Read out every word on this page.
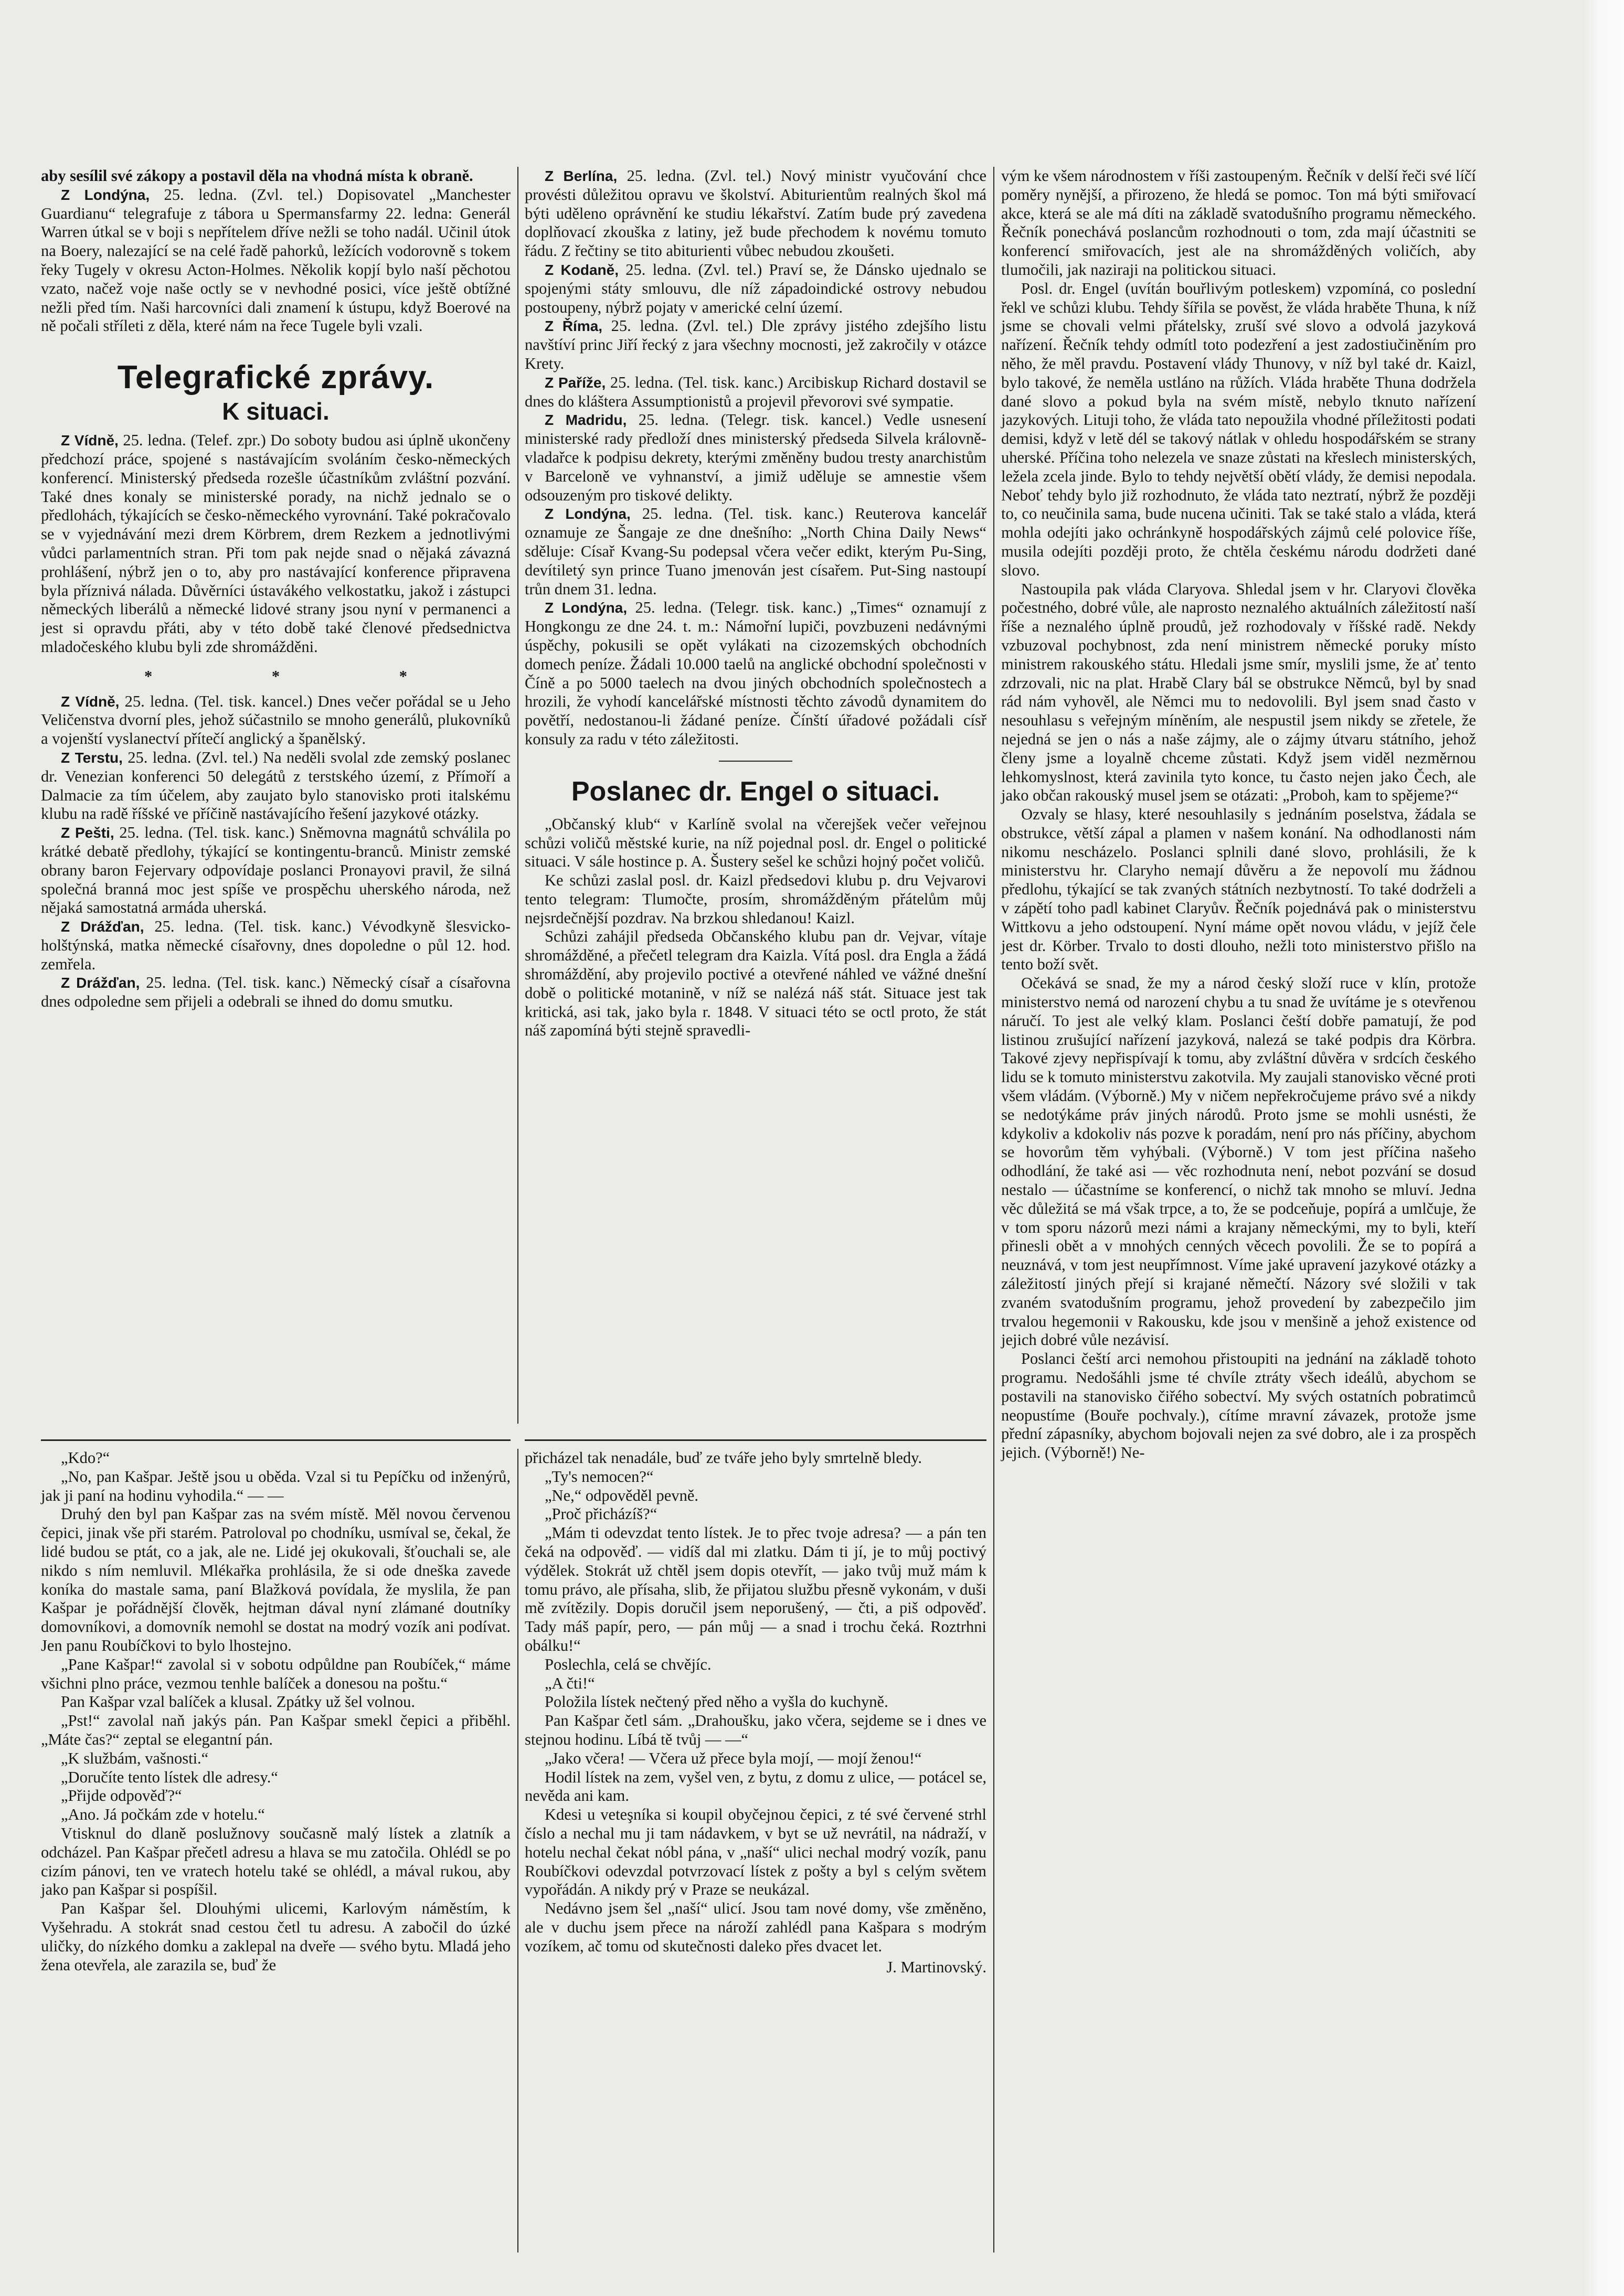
aby sesílil své zákopy a postavil děla na vhodná místa k obraně.

Z Londýna, 25. ledna. (Zvl. tel.) Dopisovatel „Manchester Guardianu“ telegrafuje z tábora u Spermansfarmy 22. ledna: Generál Warren útkal se v boji s nepřítelem dříve nežli se toho nadál. Učinil útok na Boery, nalezající se na celé řadě pahorků, ležících vodorovně s tokem řeky Tugely v okresu Acton-Holmes. Několik kopjí bylo naší pěchotou vzato, načež voje naše octly se v nevhodné posici, více ještě obtížné nežli před tím. Naši harcovníci dali znamení k ústupu, když Boerové na ně počali stříleti z děla, které nám na řece Tugele byli vzali.

Telegrafické zprávy.
K situaci.

Z Vídně, 25. ledna. (Telef. zpr.) Do soboty budou asi úplně ukončeny předchozí práce, spojené s nastávajícím svoláním česko-německých konferencí. Ministerský předseda rozešle účastníkům zvláštní pozvání. Také dnes konaly se ministerské porady, na nichž jednalo se o předlohách, týkajících se česko-německého vyrovnání. Také pokračovalo se v vyjednávání mezi drem Körbrem, drem Rezkem a jednotlivými vůdci parlamentních stran. Při tom pak nejde snad o nějaká závazná prohlášení, nýbrž jen o to, aby pro nastávající konference připravena byla příznivá nálada. Důvěrníci ústavákého velkostatku, jakož i zástupci německých liberálů a německé lidové strany jsou nyní v permanenci a jest si opravdu přáti, aby v této době také členové předsednictva mladočeského klubu byli zde shromážděni.

* * *

Z Vídně, 25. ledna. (Tel. tisk. kancel.) Dnes večer pořádal se u Jeho Veličenstva dvorní ples, jehož súčastnilo se mnoho generálů, plukovníků a vojenští vyslanectví přítečí anglický a španělský.

Z Terstu, 25. ledna. (Zvl. tel.) Na neděli svolal zde zemský poslanec dr. Venezian konferenci 50 delegátů z terstského území, z Přímoří a Dalmacie za tím účelem, aby zaujato bylo stanovisko proti italskému klubu na radě říšské ve příčině nastávajícího řešení jazykové otázky.

Z Pešti, 25. ledna. (Tel. tisk. kanc.) Sněmovna magnátů schválila po krátké debatě předlohy, týkající se kontingentu-branců. Ministr zemské obrany baron Fejervary odpovídaje poslanci Pronayovi pravil, že silná společná branná moc jest spíše ve prospěchu uherského národa, než nějaká samostatná armáda uherská.

Z Drážďan, 25. ledna. (Tel. tisk. kanc.) Vévodkyně šlesvicko-holštýnská, matka německé císařovny, dnes dopoledne o půl 12. hod. zemřela.

Z Drážďan, 25. ledna. (Tel. tisk. kanc.) Německý císař a císařovna dnes odpoledne sem přijeli a odebrali se ihned do domu smutku.

Z Berlína, 25. ledna. (Zvl. tel.) Nový ministr vyučování chce provésti důležitou opravu ve školství. Abiturientům realných škol má býti uděleno oprávnění ke studiu lékařství. Zatím bude prý zavedena doplňovací zkouška z latiny, jež bude přechodem k novému tomuto řádu. Z řečtiny se tito abiturienti vůbec nebudou zkoušeti.

Z Kodaně, 25. ledna. (Zvl. tel.) Praví se, že Dánsko ujednalo se spojenými státy smlouvu, dle níž západoindické ostrovy nebudou postoupeny, nýbrž pojaty v americké celní území.

Z Říma, 25. ledna. (Zvl. tel.) Dle zprávy jistého zdejšího listu navštíví princ Jiří řecký z jara všechny mocnosti, jež zakročily v otázce Krety.

Z Paříže, 25. ledna. (Tel. tisk. kanc.) Arcibiskup Richard dostavil se dnes do kláštera Assumptionistů a projevil převorovi své sympatie.

Z Madridu, 25. ledna. (Telegr. tisk. kancel.) Vedle usnesení ministerské rady předloží dnes ministerský předseda Silvela královně-vladařce k podpisu dekrety, kterými změněny budou tresty anarchistům v Barceloně ve vyhnanství, a jimiž uděluje se amnestie všem odsouzeným pro tiskové delikty.

Z Londýna, 25. ledna. (Tel. tisk. kanc.) Reuterova kancelář oznamuje ze Šangaje ze dne dnešního: „North China Daily News“ sděluje: Císař Kvang-Su podepsal včera večer edikt, kterým Pu-Sing, devítiletý syn prince Tuano jmenován jest císařem. Put-Sing nastoupí trůn dnem 31. ledna.

Z Londýna, 25. ledna. (Telegr. tisk. kanc.) „Times“ oznamují z Hongkongu ze dne 24. t. m.: Námořní lupiči, povzbuzeni nedávnými úspěchy, pokusili se opět vylákati na cizozemských obchodních domech peníze. Žádali 10.000 taelů na anglické obchodní společnosti v Číně a po 5000 taelech na dvou jiných obchodních společnostech a hrozili, že vyhodí kancelářské místnosti těchto závodů dynamitem do povětří, nedostanou-li žádané peníze. Čínští úřadové požádali císř konsuly za radu v této záležitosti.

Poslanec dr. Engel o situaci.

„Občanský klub“ v Karlíně svolal na včerejšek večer veřejnou schůzi voličů městské kurie, na níž pojednal posl. dr. Engel o politické situaci. V sále hostince p. A. Šustery sešel ke schůzi hojný počet voličů.

Ke schůzi zaslal posl. dr. Kaizl předsedovi klubu p. dru Vejvarovi tento telegram: Tlumočte, prosím, shromážděným přátelům můj nejsrdečnější pozdrav. Na brzkou shledanou! Kaizl.

Schůzi zahájil předseda Občanského klubu pan dr. Vejvar, vítaje shromážděné, a přečetl telegram dra Kaizla. Vítá posl. dra Engla a žádá shromáždění, aby projevilo poctivé a otevřené náhled ve vážné dnešní době o politické motanině, v níž se nalézá náš stát. Situace jest tak kritická, asi tak, jako byla r. 1848. V situaci této se octl proto, že stát náš zapomíná býti stejně spravedli-

vým ke všem národnostem v říši zastoupeným. Řečník v delší řeči své líčí poměry nynější, a přirozeno, že hledá se pomoc. Ton má býti smiřovací akce, která se ale má díti na základě svatodušního programu německého. Řečník ponechává poslancům rozhodnouti o tom, zda mají účastniti se konferencí smiřovacích, jest ale na shromážděných voličích, aby tlumočili, jak naziraji na politickou situaci.

Posl. dr. Engel (uvítán bouřlivým potleskem) vzpomíná, co poslední řekl ve schůzi klubu. Tehdy šířila se pověst, že vláda hraběte Thuna, k níž jsme se chovali velmi přátelsky, zruší své slovo a odvolá jazyková nařízení. Řečník tehdy odmítl toto podezření a jest zadostiučiněním pro něho, že měl pravdu. Postavení vlády Thunovy, v níž byl také dr. Kaizl, bylo takové, že nemělа ustláno na růžích. Vláda hraběte Thuna dodržela dané slovo a pokud byla na svém místě, nebylo tknuto nařízení jazykových. Lituji toho, že vláda tato nepoužila vhodné příležitosti podati demisi, když v letě dél se takový nátlak v ohledu hospodářském se strany uherské. Příčina toho nelezela ve snaze zůstati na křeslech ministerských, ležela zcela jinde. Bylo to tehdy největší obětí vlády, že demisi nepodala. Neboť tehdy bylo již rozhodnuto, že vláda tato neztratí, nýbrž že později to, co neučinila sama, bude nucena učiniti. Tak se také stalo a vláda, která mohla odejíti jako ochránkyně hospodářských zájmů celé polovice říše, musila odejíti později proto, že chtěla českému národu dodržeti dané slovo.

Nastoupila pak vláda Claryova. Shledal jsem v hr. Claryovi člověka počestného, dobré vůle, ale naprosto neznalého aktuálních záležitostí naší říše a neznalého úplně proudů, jež rozhodovaly v říšské radě. Nekdy vzbuzoval pochybnost, zda není ministrem německé poruky místo ministrem rakouského státu. Hledali jsme smír, myslili jsme, že ať tento zdrzovali, nic na plat. Hrabě Clary bál se obstrukce Němců, byl by snad rád nám vyhověl, ale Němci mu to nedovolili. Byl jsem snad často v nesouhlasu s veřejným míněním, ale nespustil jsem nikdy se zřetele, že nejedná se jen o nás a naše zájmy, ale o zájmy útvaru státního, jehož členy jsme a loyalně chceme zůstati. Když jsem viděl nezměrnou lehkomyslnost, která zavinila tyto konce, tu často nejen jako Čech, ale jako občan rakouský musel jsem se otázati: „Proboh, kam to spějeme?“

Ozvaly se hlasy, které nesouhlasily s jednáním poselstva, žádala se obstrukce, větší zápal a plamen v našem konání. Na odhodlanosti nám nikomu nescházelo. Poslanci splnili dané slovo, prohlásili, že k ministerstvu hr. Claryho nemají důvěru a že nepovolí mu žádnou předlohu, týkající se tak zvaných státních nezbytností. To také dodrželi a v zápětí toho padl kabinet Claryův. Řečník pojednává pak o ministerstvu Wittkovu a jeho odstoupení. Nyní máme opět novou vládu, v jejíž čele jest dr. Körber. Trvalo to dosti dlouho, nežli toto ministerstvo přišlo na tento boží svět.

Očekává se snad, že my a národ český složí ruce v klín, protože ministerstvo nemá od narození chybu a tu snad že uvítáme je s otevřenou náručí. To jest ale velký klam. Poslanci čeští dobře pamatují, že pod listinou zrušující nařízení jazyková, nalezá se také podpis dra Körbra. Takové zjevy nepřispívají k tomu, aby zvláštní důvěra v srdcích českého lidu se k tomuto ministerstvu zakotvila. My zaujali stanovisko věcné proti všem vládám. (Výborně.) My v ničem nepřekročujeme právo své a nikdy se nedotýkáme práv jiných národů. Proto jsme se mohli usnésti, že kdykoliv a kdokoliv nás pozve k poradám, není pro nás příčiny, abychom se hovorům těm vyhýbali. (Výborně.) V tom jest příčina našeho odhodlání, že také asi — věc rozhodnuta není, nebot pozvání se dosud nestalo — účastníme se konferencí, o nichž tak mnoho se mluví. Jedna věc důležitá se má však trpce, a to, že se podceňuje, popírá a umlčuje, že v tom sporu názorů mezi námi a krajany německými, my to byli, kteří přinesli obět a v mnohých cenných věcech povolili. Že se to popírá a neuznává, v tom jest neupřímnost. Víme jaké upravení jazykové otázky a záležitostí jiných přejí si krajané němečtí. Názory své složili v tak zvaném svatodušním programu, jehož provedení by zabezpečilo jim trvalou hegemonii v Rakousku, kde jsou v menšině a jehož existence od jejich dobré vůle nezávisí.

Poslanci čeští arci nemohou přistoupiti na jednání na základě tohoto programu. Nedošáhli jsme té chvíle ztráty všech ideálů, abychom se postavili na stanovisko čiřého sobectví. My svých ostatních pobratimců neopustíme (Bouře pochvaly.), cítíme mravní závazek, protože jsme přední zápasníky, abychom bojovali nejen za své dobro, ale i za prospěch jejich. (Výborně!) Ne-

„Kdo?“

„No, pan Kašpar. Ještě jsou u oběda. Vzal si tu Pepíčku od inženýrů, jak ji paní na hodinu vyhodila.“ — —

Druhý den byl pan Kašpar zas na svém místě. Měl novou červenou čepici, jinak vše při starém. Patroloval po chodníku, usmíval se, čekal, že lidé budou se ptát, co a jak, ale ne. Lidé jej okukovali, šťouchali se, ale nikdo s ním nemluvil. Mlékařka prohlásila, že si ode dneška zavede koníka do mastale sama, paní Blažková povídala, že myslila, že pan Kašpar je pořádnější člověk, hejtman dával nyní zlámané doutníky domovníkovi, a domovník nemohl se dostat na modrý vozík ani podívat. Jen panu Roubíčkovi to bylo lhostejno.

„Pane Kašpar!“ zavolal si v sobotu odpůldne pan Roubíček,“ máme všichni plno práce, vezmou tenhle balíček a donesou na poštu.“

Pan Kašpar vzal balíček a klusal. Zpátky už šel volnou.

„Pst!“ zavolal naň jakýs pán. Pan Kašpar smekl čepici a přiběhl. „Máte čas?“ zeptal se elegantní pán.

„K službám, vašnosti.“

„Doručíte tento lístek dle adresy.“

„Přijde odpověď?“

„Ano. Já počkám zde v hotelu.“

Vtisknul do dlaně poslužnovy současně malý lístek a zlatník a odcházel. Pan Kašpar přečetl adresu a hlava se mu zatočila. Ohlédl se po cizím pánovi, ten ve vratech hotelu také se ohlédl, a mával rukou, aby jako pan Kašpar si pospíšil.

Pan Kašpar šel. Dlouhými ulicemi, Karlovým náměstím, k Vyšehradu. A stokrát snad cestou četl tu adresu. A zabočil do úzké uličky, do nízkého domku a zaklepal na dveře — svého bytu. Mladá jeho žena otevřela, ale zarazila se, buď že

přicházel tak nenadále, buď ze tváře jeho byly smrtelně bledy.

„Ty's nemocen?“

„Ne,“ odpověděl pevně.

„Proč přicházíš?“

„Mám ti odevzdat tento lístek. Je to přec tvoje adresa? — a pán ten čeká na odpověď. — vidíš dal mi zlatku. Dám ti jí, je to můj poctivý výdělek. Stokrát už chtěl jsem dopis otevřít, — jako tvůj muž mám k tomu právo, ale přísaha, slib, že přijatou službu přesně vykonám, v duši mě zvítězily. Dopis doručil jsem neporušený, — čti, a piš odpověď. Tady máš papír, pero, — pán můj — a snad i trochu čeká. Roztrhni obálku!“

Poslechla, celá se chvějíc.

„A čti!“

Položila lístek nečtený před něho a vyšla do kuchyně.

Pan Kašpar četl sám. „Drahoušku, jako včera, sejdeme se i dnes ve stejnou hodinu. Líbá tě tvůj — —“

„Jako včera! — Včera už přece byla mojí, — mojí ženou!“

Hodil lístek na zem, vyšel ven, z bytu, z domu z ulice, — potácel se, nevěda ani kam.

Kdesi u veteşníka si koupil obyčejnou čepici, z té své červené strhl číslo a nechal mu ji tam nádavkem, v byt se už nevrátil, na nádraží, v hotelu nechal čekat nóbl pána, v „naší“ ulici nechal modrý vozík, panu Roubíčkovi odevzdal potvrzovací lístek z pošty a byl s celým světem vypořádán. A nikdy prý v Praze se neukázal.

Nedávno jsem šel „naší“ ulicí. Jsou tam nové domy, vše změněno, ale v duchu jsem přece na nároží zahlédl pana Kašpara s modrým vozíkem, ač tomu od skutečnosti daleko přes dvacet let.

J. Martinovský.
